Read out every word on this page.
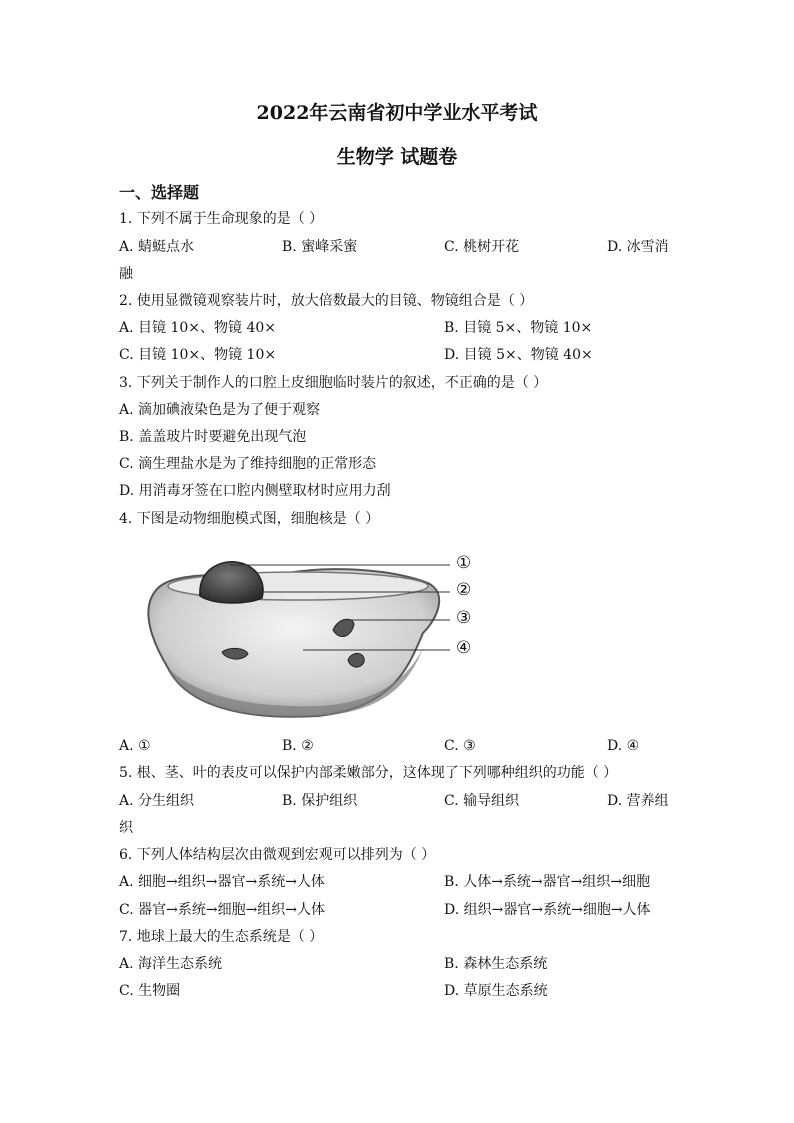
2022年云南省初中学业水平考试
生物学 试题卷
一、选择题
1. 下列不属于生命现象的是（ ）
A. 蜻蜓点水	B. 蜜峰采蜜	C. 桃树开花	D. 冰雪消
融
2. 使用显微镜观察装片时，放大倍数最大的目镜、物镜组合是（ ）
A. 目镜 10×、物镜 40×	B. 目镜 5×、物镜 10×
C. 目镜 10×、物镜 10×	D. 目镜 5×、物镜 40×
3. 下列关于制作人的口腔上皮细胞临时装片的叙述，不正确的是（ ）
A. 滴加碘液染色是为了便于观察
B. 盖盖玻片时要避免出现气泡
C. 滴生理盐水是为了维持细胞的正常形态
D. 用消毒牙签在口腔内侧壁取材时应用力刮
4. 下图是动物细胞模式图，细胞核是（ ）
①
②
③
④
A. ①	B. ②	C. ③	D. ④
5. 根、茎、叶的表皮可以保护内部柔嫩部分，这体现了下列哪种组织的功能（ ）
A. 分生组织	B. 保护组织	C. 输导组织	D. 营养组
织
6. 下列人体结构层次由微观到宏观可以排列为（ ）
A. 细胞→组织→器官→系统→人体	B. 人体→系统→器官→组织→细胞
C. 器官→系统→细胞→组织→人体	D. 组织→器官→系统→细胞→人体
7. 地球上最大的生态系统是（ ）
A. 海洋生态系统	B. 森林生态系统
C. 生物圈	D. 草原生态系统
